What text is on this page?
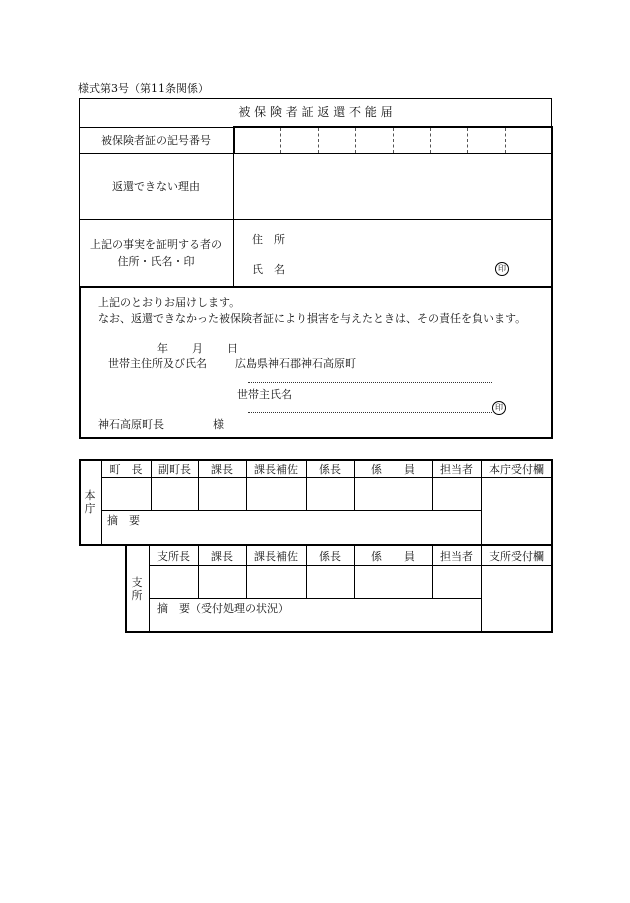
様式第3号（第11条関係）
被 保 険 者 証 返 還 不 能 届
被保険者証の記号番号
返還できない理由
上記の事実を証明する者の
住所・氏名・印
住　所
氏　名	印
上記のとおりお届けします。
なお、返還できなかった被保険者証により損害を与えたときは、その責任を負います。
年 月 日
世帯主住所及び氏名	広島県神石郡神石高原町
世帯主氏名
印
神石高原町長	様
本庁
町　長	副町長	課長	課長補佐	係長	係　　員	担当者	本庁受付欄
摘　要
支所
支所長	課長	課長補佐	係長	係　　員	担当者	支所受付欄
摘　要（受付処理の状況）
